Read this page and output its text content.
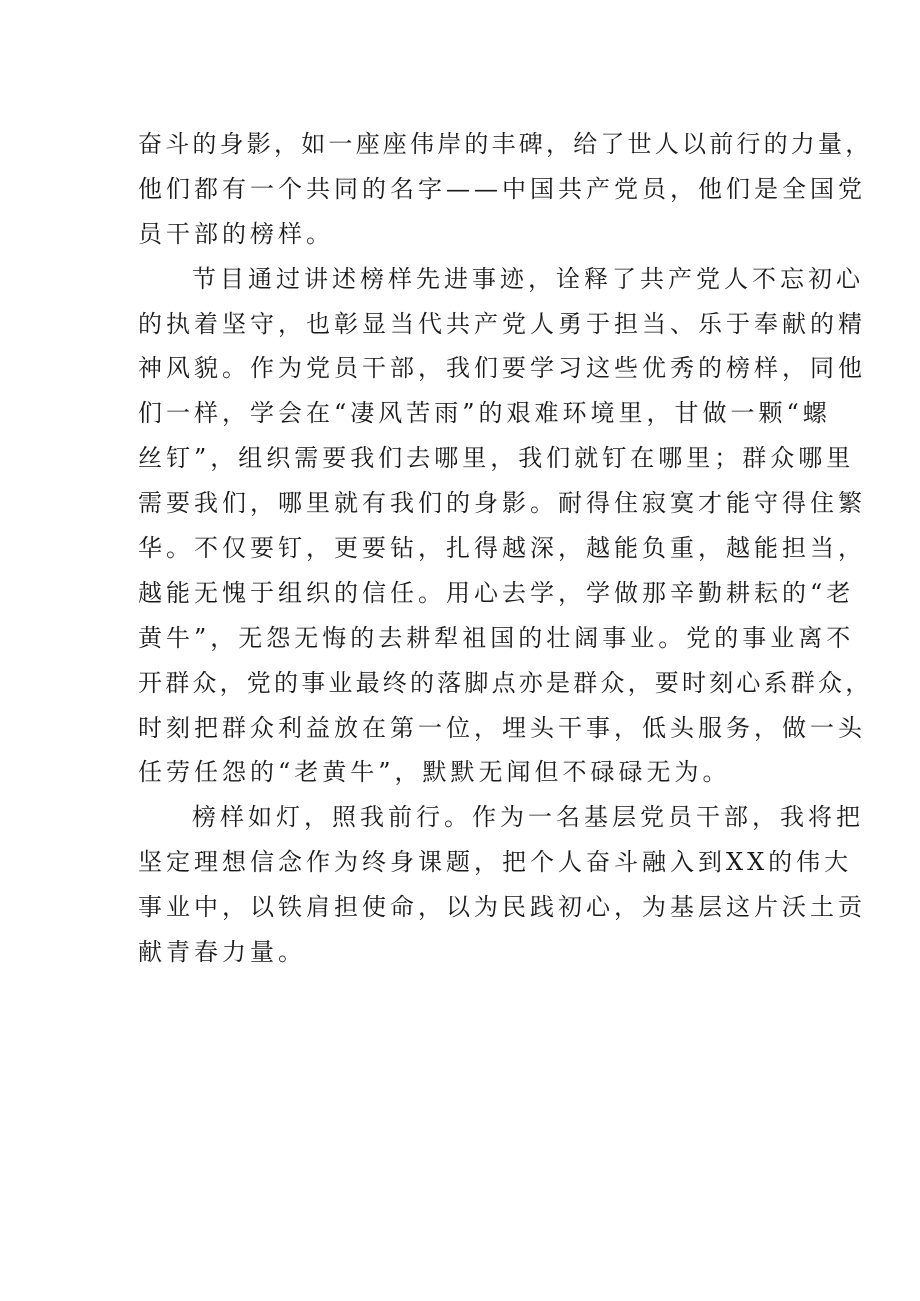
奋斗的身影，如一座座伟岸的丰碑，给了世人以前行的力量，
他们都有一个共同的名字——中国共产党员，他们是全国党
员干部的榜样。
节目通过讲述榜样先进事迹，诠释了共产党人不忘初心
的执着坚守，也彰显当代共产党人勇于担当、乐于奉献的精
神风貌。作为党员干部，我们要学习这些优秀的榜样，同他
们一样，学会在“凄风苦雨”的艰难环境里，甘做一颗“螺
丝钉”，组织需要我们去哪里，我们就钉在哪里；群众哪里
需要我们，哪里就有我们的身影。耐得住寂寞才能守得住繁
华。不仅要钉，更要钻，扎得越深，越能负重，越能担当，
越能无愧于组织的信任。用心去学，学做那辛勤耕耘的“老
黄牛”，无怨无悔的去耕犁祖国的壮阔事业。党的事业离不
开群众，党的事业最终的落脚点亦是群众，要时刻心系群众，
时刻把群众利益放在第一位，埋头干事，低头服务，做一头
任劳任怨的“老黄牛”，默默无闻但不碌碌无为。
榜样如灯，照我前行。作为一名基层党员干部，我将把
坚定理想信念作为终身课题，把个人奋斗融入到XX的伟大
事业中，以铁肩担使命，以为民践初心，为基层这片沃土贡
献青春力量。
